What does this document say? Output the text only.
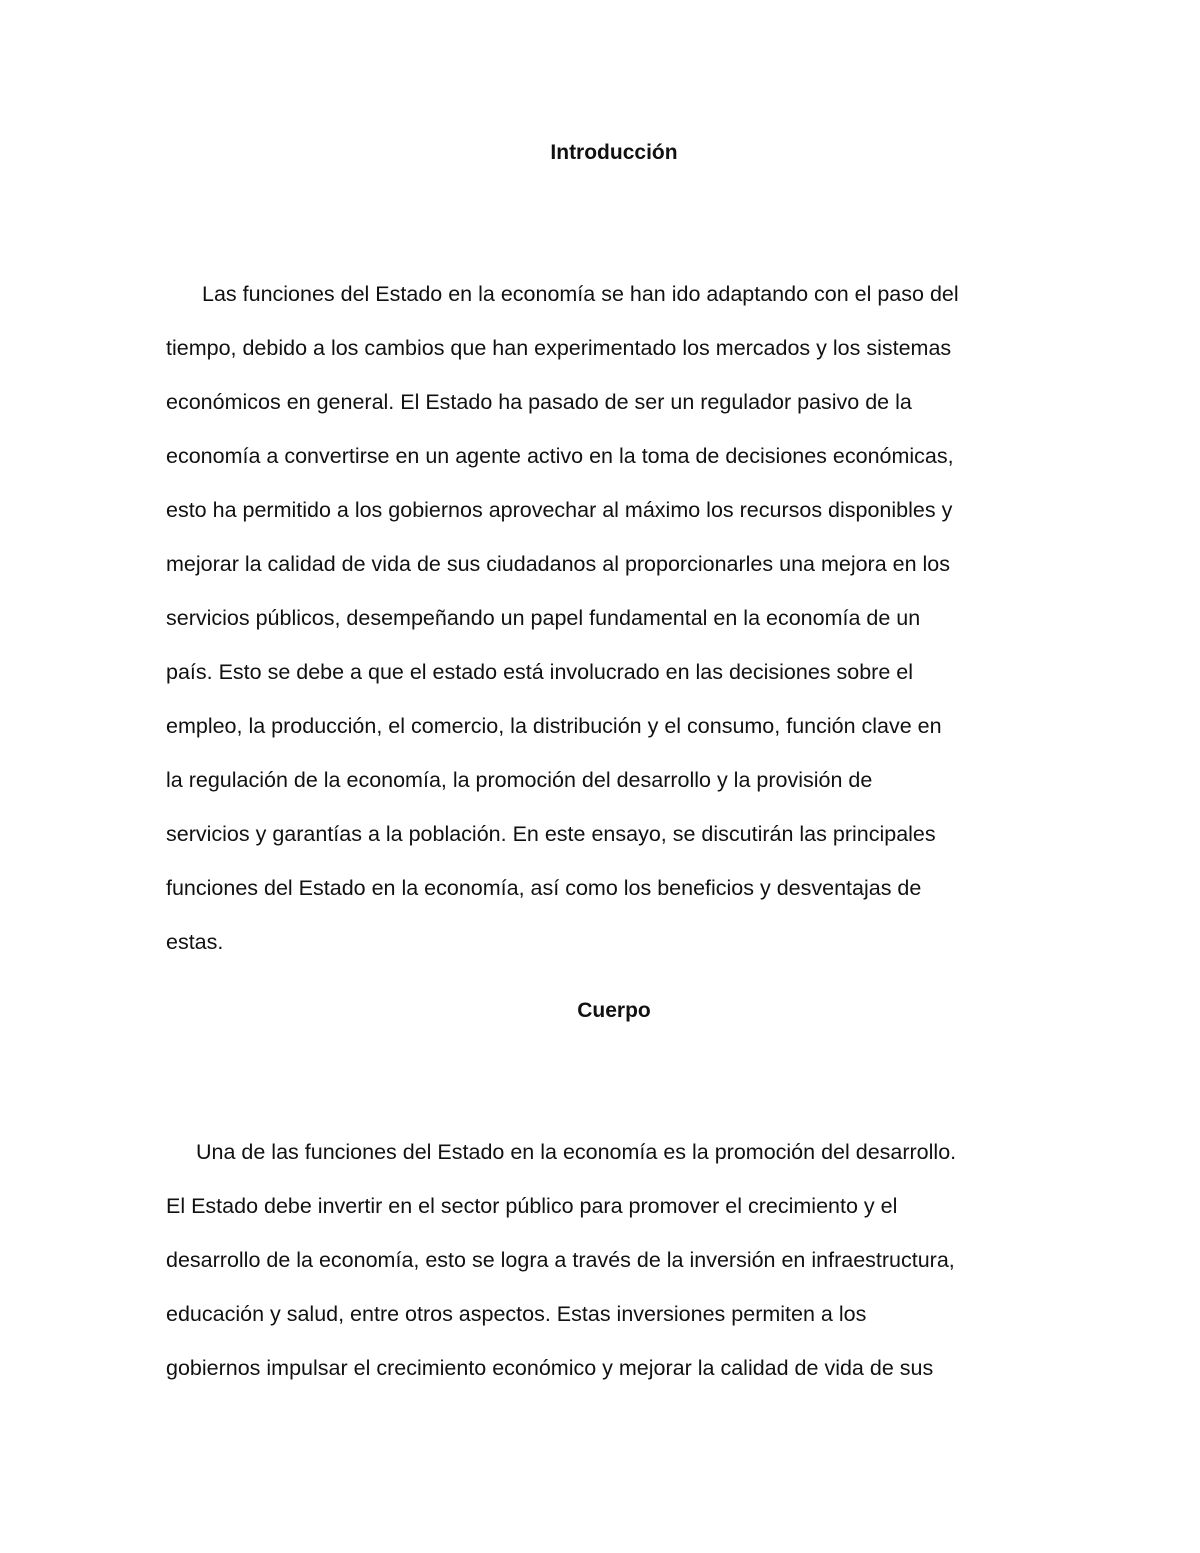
Introducción

Las funciones del Estado en la economía se han ido adaptando con el paso del

tiempo, debido a los cambios que han experimentado los mercados y los sistemas

económicos en general. El Estado ha pasado de ser un regulador pasivo de la

economía a convertirse en un agente activo en la toma de decisiones económicas,

esto ha permitido a los gobiernos aprovechar al máximo los recursos disponibles y

mejorar la calidad de vida de sus ciudadanos al proporcionarles una mejora en los

servicios públicos, desempeñando un papel fundamental en la economía de un

país. Esto se debe a que el estado está involucrado en las decisiones sobre el

empleo, la producción, el comercio, la distribución y el consumo, función clave en

la regulación de la economía, la promoción del desarrollo y la provisión de

servicios y garantías a la población. En este ensayo, se discutirán las principales

funciones del Estado en la economía, así como los beneficios y desventajas de

estas.

Cuerpo

Una de las funciones del Estado en la economía es la promoción del desarrollo.

El Estado debe invertir en el sector público para promover el crecimiento y el

desarrollo de la economía, esto se logra a través de la inversión en infraestructura,

educación y salud, entre otros aspectos. Estas inversiones permiten a los

gobiernos impulsar el crecimiento económico y mejorar la calidad de vida de sus
